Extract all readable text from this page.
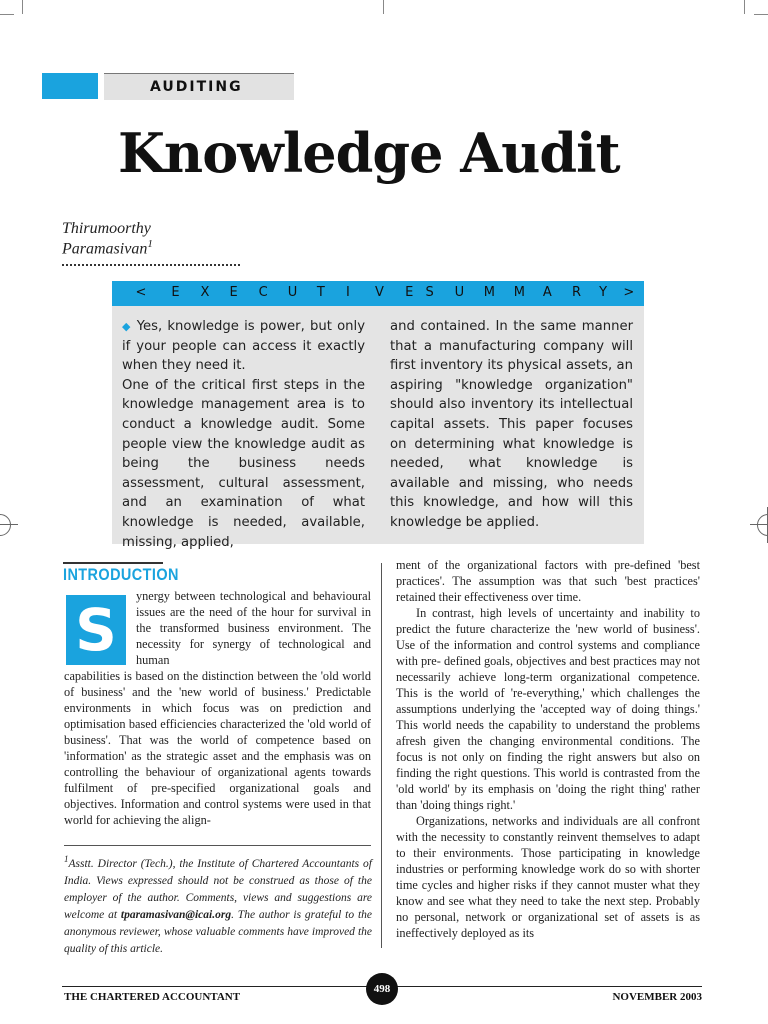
AUDITING
Knowledge Audit
Thirumoorthy Paramasivan$^1$
< E X E C U T I V E S U M M A R Y >

◆ Yes, knowledge is power, but only if your people can access it exactly when they need it.

One of the critical first steps in the knowledge management area is to conduct a knowledge audit. Some people view the knowledge audit as being the business needs assessment, cultural assessment, and an examination of what knowledge is needed, available, missing, applied,

and contained. In the same manner that a manufacturing company will first inventory its physical assets, an aspiring "knowledge organization" should also inventory its intellectual capital assets. This paper focuses on determining what knowledge is needed, what knowledge is available and missing, who needs this knowledge, and how will this knowledge be applied.

INTRODUCTION
S	ynergy between technological and behavioural issues are the need of the hour for survival in the transformed business environment. The necessity for synergy of technological and human

capabilities is based on the distinction between the 'old world of business' and the 'new world of business.' Predictable environments in which focus was on prediction and optimisation based efficiencies characterized the 'old world of business'. That was the world of competence based on 'information' as the strategic asset and the emphasis was on controlling the behaviour of organizational agents towards fulfilment of pre-specified organizational goals and objectives. Information and control systems were used in that world for achieving the align-

ment of the organizational factors with pre-defined 'best practices'. The assumption was that such 'best practices' retained their effectiveness over time.

In contrast, high levels of uncertainty and inability to predict the future characterize the 'new world of business'. Use of the information and control systems and compliance with pre- defined goals, objectives and best practices may not necessarily achieve long-term organizational competence. This is the world of 're-everything,' which challenges the assumptions underlying the 'accepted way of doing things.' This world needs the capability to understand the problems afresh given the changing environmental conditions. The focus is not only on finding the right answers but also on finding the right questions. This world is contrasted from the 'old world' by its emphasis on 'doing the right thing' rather than 'doing things right.'

Organizations, networks and individuals are all confront with the necessity to constantly reinvent themselves to adapt to their environments. Those participating in knowledge industries or performing knowledge work do so with shorter time cycles and higher risks if they cannot muster what they know and see what they need to take the next step. Probably no personal, network or organizational set of assets is as ineffectively deployed as its

$^1$Asstt. Director (Tech.), the Institute of Chartered Accountants of India. Views expressed should not be construed as those of the employer of the author. Comments, views and suggestions are welcome at tparamasivan@icai.org. The author is grateful to the anonymous reviewer, whose valuable comments have improved the quality of this article.
THE CHARTERED ACCOUNTANT
498
NOVEMBER 2003
